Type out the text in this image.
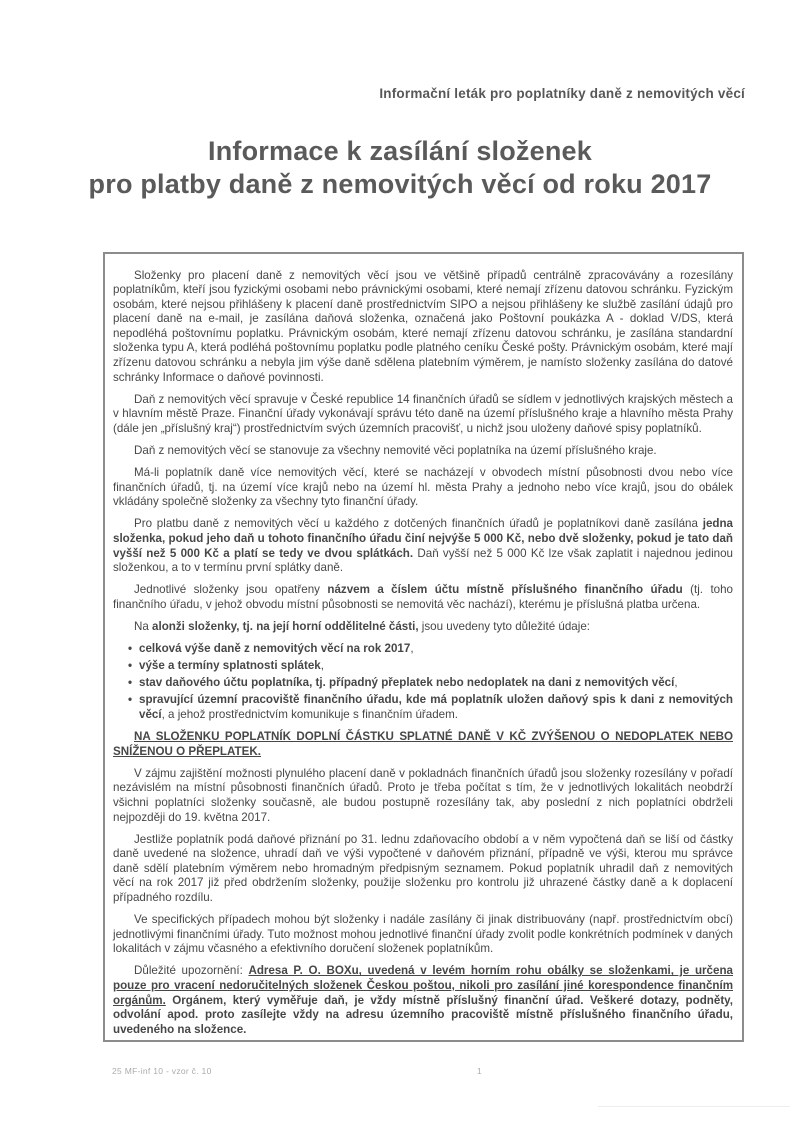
Informační leták pro poplatníky daně z nemovitých věcí
Informace k zasílání složenek
pro platby daně z nemovitých věcí od roku 2017

Složenky pro placení daně z nemovitých věcí jsou ve většině případů centrálně zpracovávány a rozesílány poplatníkům, kteří jsou fyzickými osobami nebo právnickými osobami, které nemají zřízenu datovou schránku. Fyzickým osobám, které nejsou přihlášeny k placení daně prostřednictvím SIPO a nejsou přihlášeny ke službě zasílání údajů pro placení daně na e-mail, je zasílána daňová složenka, označená jako Poštovní poukázka A - doklad V/DS, která nepodléhá poštovnímu poplatku. Právnickým osobám, které nemají zřízenu datovou schránku, je zasílána standardní složenka typu A, která podléhá poštovnímu poplatku podle platného ceníku České pošty. Právnickým osobám, které mají zřízenu datovou schránku a nebyla jim výše daně sdělena platebním výměrem, je namísto složenky zasílána do datové schránky Informace o daňové povinnosti.

Daň z nemovitých věcí spravuje v České republice 14 finančních úřadů se sídlem v jednotlivých krajských městech a v hlavním městě Praze. Finanční úřady vykonávají správu této daně na území příslušného kraje a hlavního města Prahy (dále jen „příslušný kraj“) prostřednictvím svých územních pracovišť, u nichž jsou uloženy daňové spisy poplatníků.

Daň z nemovitých věcí se stanovuje za všechny nemovité věci poplatníka na území příslušného kraje.

Má-li poplatník daně více nemovitých věcí, které se nacházejí v obvodech místní působnosti dvou nebo více finančních úřadů, tj. na území více krajů nebo na území hl. města Prahy a jednoho nebo více krajů, jsou do obálek vkládány společně složenky za všechny tyto finanční úřady.

Pro platbu daně z nemovitých věcí u každého z dotčených finančních úřadů je poplatníkovi daně zasílána jedna složenka, pokud jeho daň u tohoto finančního úřadu činí nejvýše 5 000 Kč, nebo dvě složenky, pokud je tato daň vyšší než 5 000 Kč a platí se tedy ve dvou splátkách. Daň vyšší než 5 000 Kč lze však zaplatit i najednou jedinou složenkou, a to v termínu první splátky daně.

Jednotlivé složenky jsou opatřeny názvem a číslem účtu místně příslušného finančního úřadu (tj. toho finančního úřadu, v jehož obvodu místní působnosti se nemovitá věc nachází), kterému je příslušná platba určena.

Na alonži složenky, tj. na její horní oddělitelné části, jsou uvedeny tyto důležité údaje:

• celková výše daně z nemovitých věcí na rok 2017,
• výše a termíny splatnosti splátek,
• stav daňového účtu poplatníka, tj. případný přeplatek nebo nedoplatek na dani z nemovitých věcí,
• spravující územní pracoviště finančního úřadu, kde má poplatník uložen daňový spis k dani z nemovitých věcí, a jehož prostřednictvím komunikuje s finančním úřadem.

NA SLOŽENKU POPLATNÍK DOPLNÍ ČÁSTKU SPLATNÉ DANĚ V KČ ZVÝŠENOU O NEDOPLATEK NEBO SNÍŽENOU O PŘEPLATEK.

V zájmu zajištění možnosti plynulého placení daně v pokladnách finančních úřadů jsou složenky rozesílány v pořadí nezávislém na místní působnosti finančních úřadů. Proto je třeba počítat s tím, že v jednotlivých lokalitách neobdrží všichni poplatníci složenky současně, ale budou postupně rozesílány tak, aby poslední z nich poplatníci obdrželi nejpozději do 19. května 2017.

Jestliže poplatník podá daňové přiznání po 31. lednu zdaňovacího období a v něm vypočtená daň se liší od částky daně uvedené na složence, uhradí daň ve výši vypočtené v daňovém přiznání, případně ve výši, kterou mu správce daně sdělí platebním výměrem nebo hromadným předpisným seznamem. Pokud poplatník uhradil daň z nemovitých věcí na rok 2017 již před obdržením složenky, použije složenku pro kontrolu již uhrazené částky daně a k doplacení případného rozdílu.

Ve specifických případech mohou být složenky i nadále zasílány či jinak distribuovány (např. prostřednictvím obcí) jednotlivými finančními úřady. Tuto možnost mohou jednotlivé finanční úřady zvolit podle konkrétních podmínek v daných lokalitách v zájmu včasného a efektivního doručení složenek poplatníkům.

Důležité upozornění: Adresa P. O. BOXu, uvedená v levém horním rohu obálky se složenkami, je určena pouze pro vracení nedoručitelných složenek Českou poštou, nikoli pro zasílání jiné korespondence finančním orgánům. Orgánem, který vyměřuje daň, je vždy místně příslušný finanční úřad. Veškeré dotazy, podněty, odvolání apod. proto zasílejte vždy na adresu územního pracoviště místně příslušného finančního úřadu, uvedeného na složence.

25 MF-inf 10 - vzor č. 10	1
